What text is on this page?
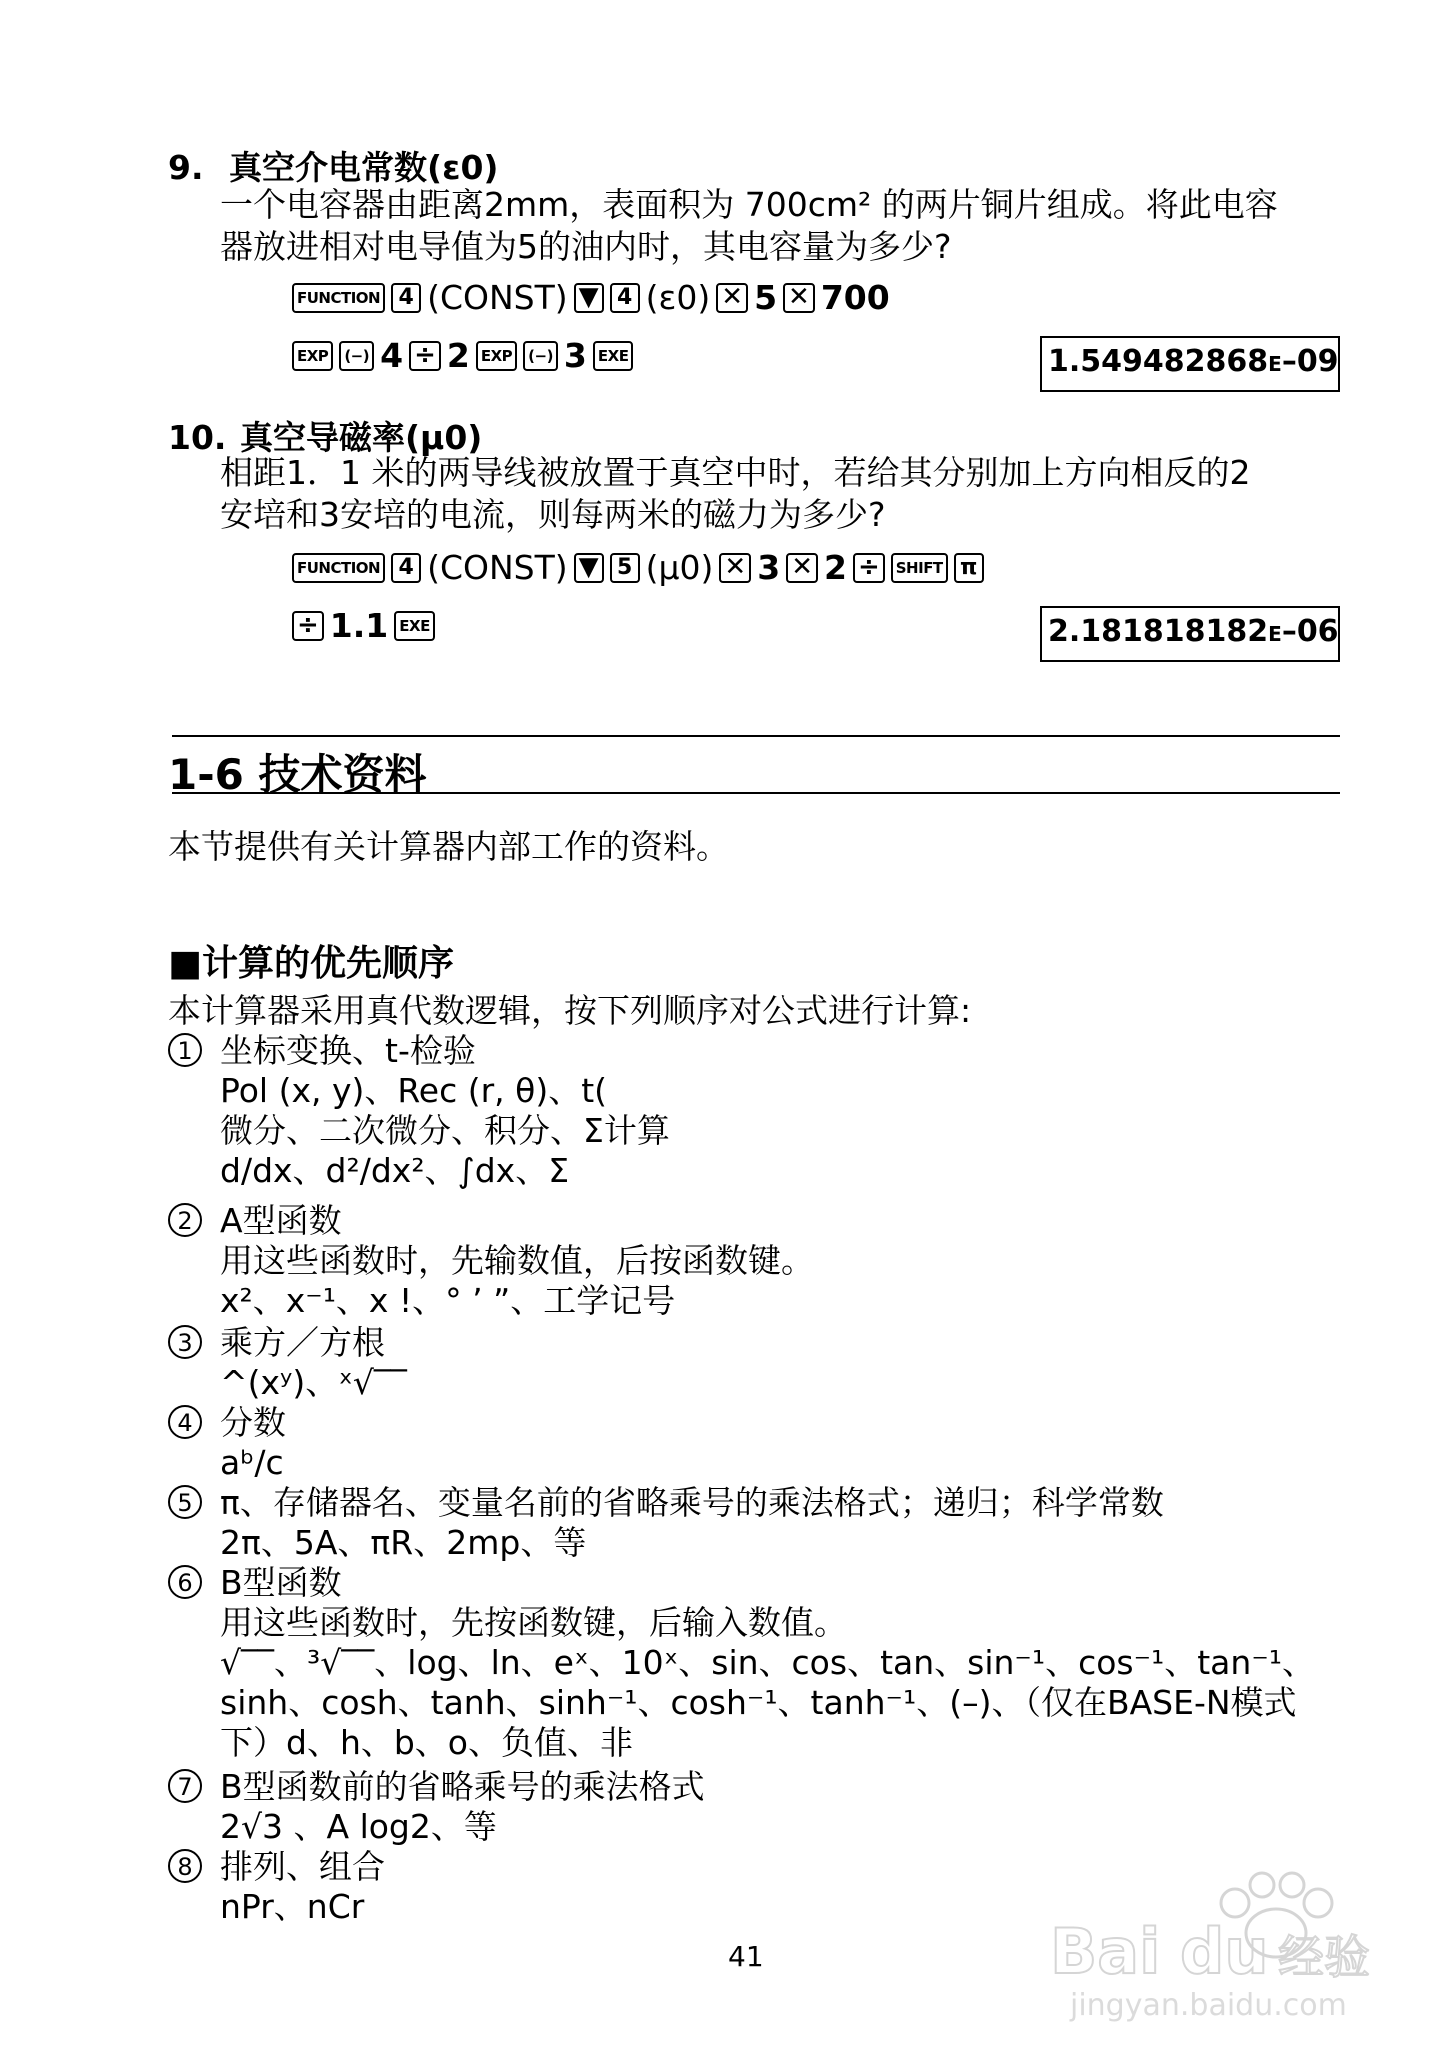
9. 真空介电常数(ε0)
一个电容器由距离2mm，表面积为 700cm² 的两片铜片组成。将此电容
器放进相对电导值为5的油内时，其电容量为多少?
FUNCTION 4 (CONST) ▼ 4 (ε0) ✕ 5 ✕ 700
EXP	(−) 4 ÷ 2 EXP	(−) 3 EXE	1.549482868E–09
10. 真空导磁率(μ0)
相距1．1 米的两导线被放置于真空中时，若给其分别加上方向相反的2
安培和3安培的电流，则每两米的磁力为多少?
FUNCTION 4 (CONST) ▼ 5 (μ0) ✕ 3 ✕ 2 ÷	SHIFT π
÷ 1.1 EXE	2.181818182E–06
1-6 技术资料
本节提供有关计算器内部工作的资料。
■计算的优先顺序
本计算器采用真代数逻辑，按下列顺序对公式进行计算:
1 坐标变换、t-检验
Pol (x, y)、Rec (r, θ)、t(
微分、二次微分、积分、Σ计算
d/dx、d²/dx²、∫dx、Σ
2 A型函数
用这些函数时，先输数值，后按函数键。
x²、x⁻¹、x !、° ’ ”、工学记号
3 乘方／方根
^(xʸ)、ˣ√‾‾
4 分数
aᵇ/c
5 π、存储器名、变量名前的省略乘号的乘法格式；递归；科学常数
2π、5A、πR、2mp、等
6 B型函数
用这些函数时，先按函数键，后输入数值。
√‾‾、³√‾‾、log、ln、eˣ、10ˣ、sin、cos、tan、sin⁻¹、cos⁻¹、tan⁻¹、
sinh、cosh、tanh、sinh⁻¹、cosh⁻¹、tanh⁻¹、(–)、（仅在BASE-N模式
下）d、h、b、o、负值、非
7 B型函数前的省略乘号的乘法格式
2√3 、A log2、等
8 排列、组合
nPr、nCr
41	Bai du 经验
jingyan.baidu.com
